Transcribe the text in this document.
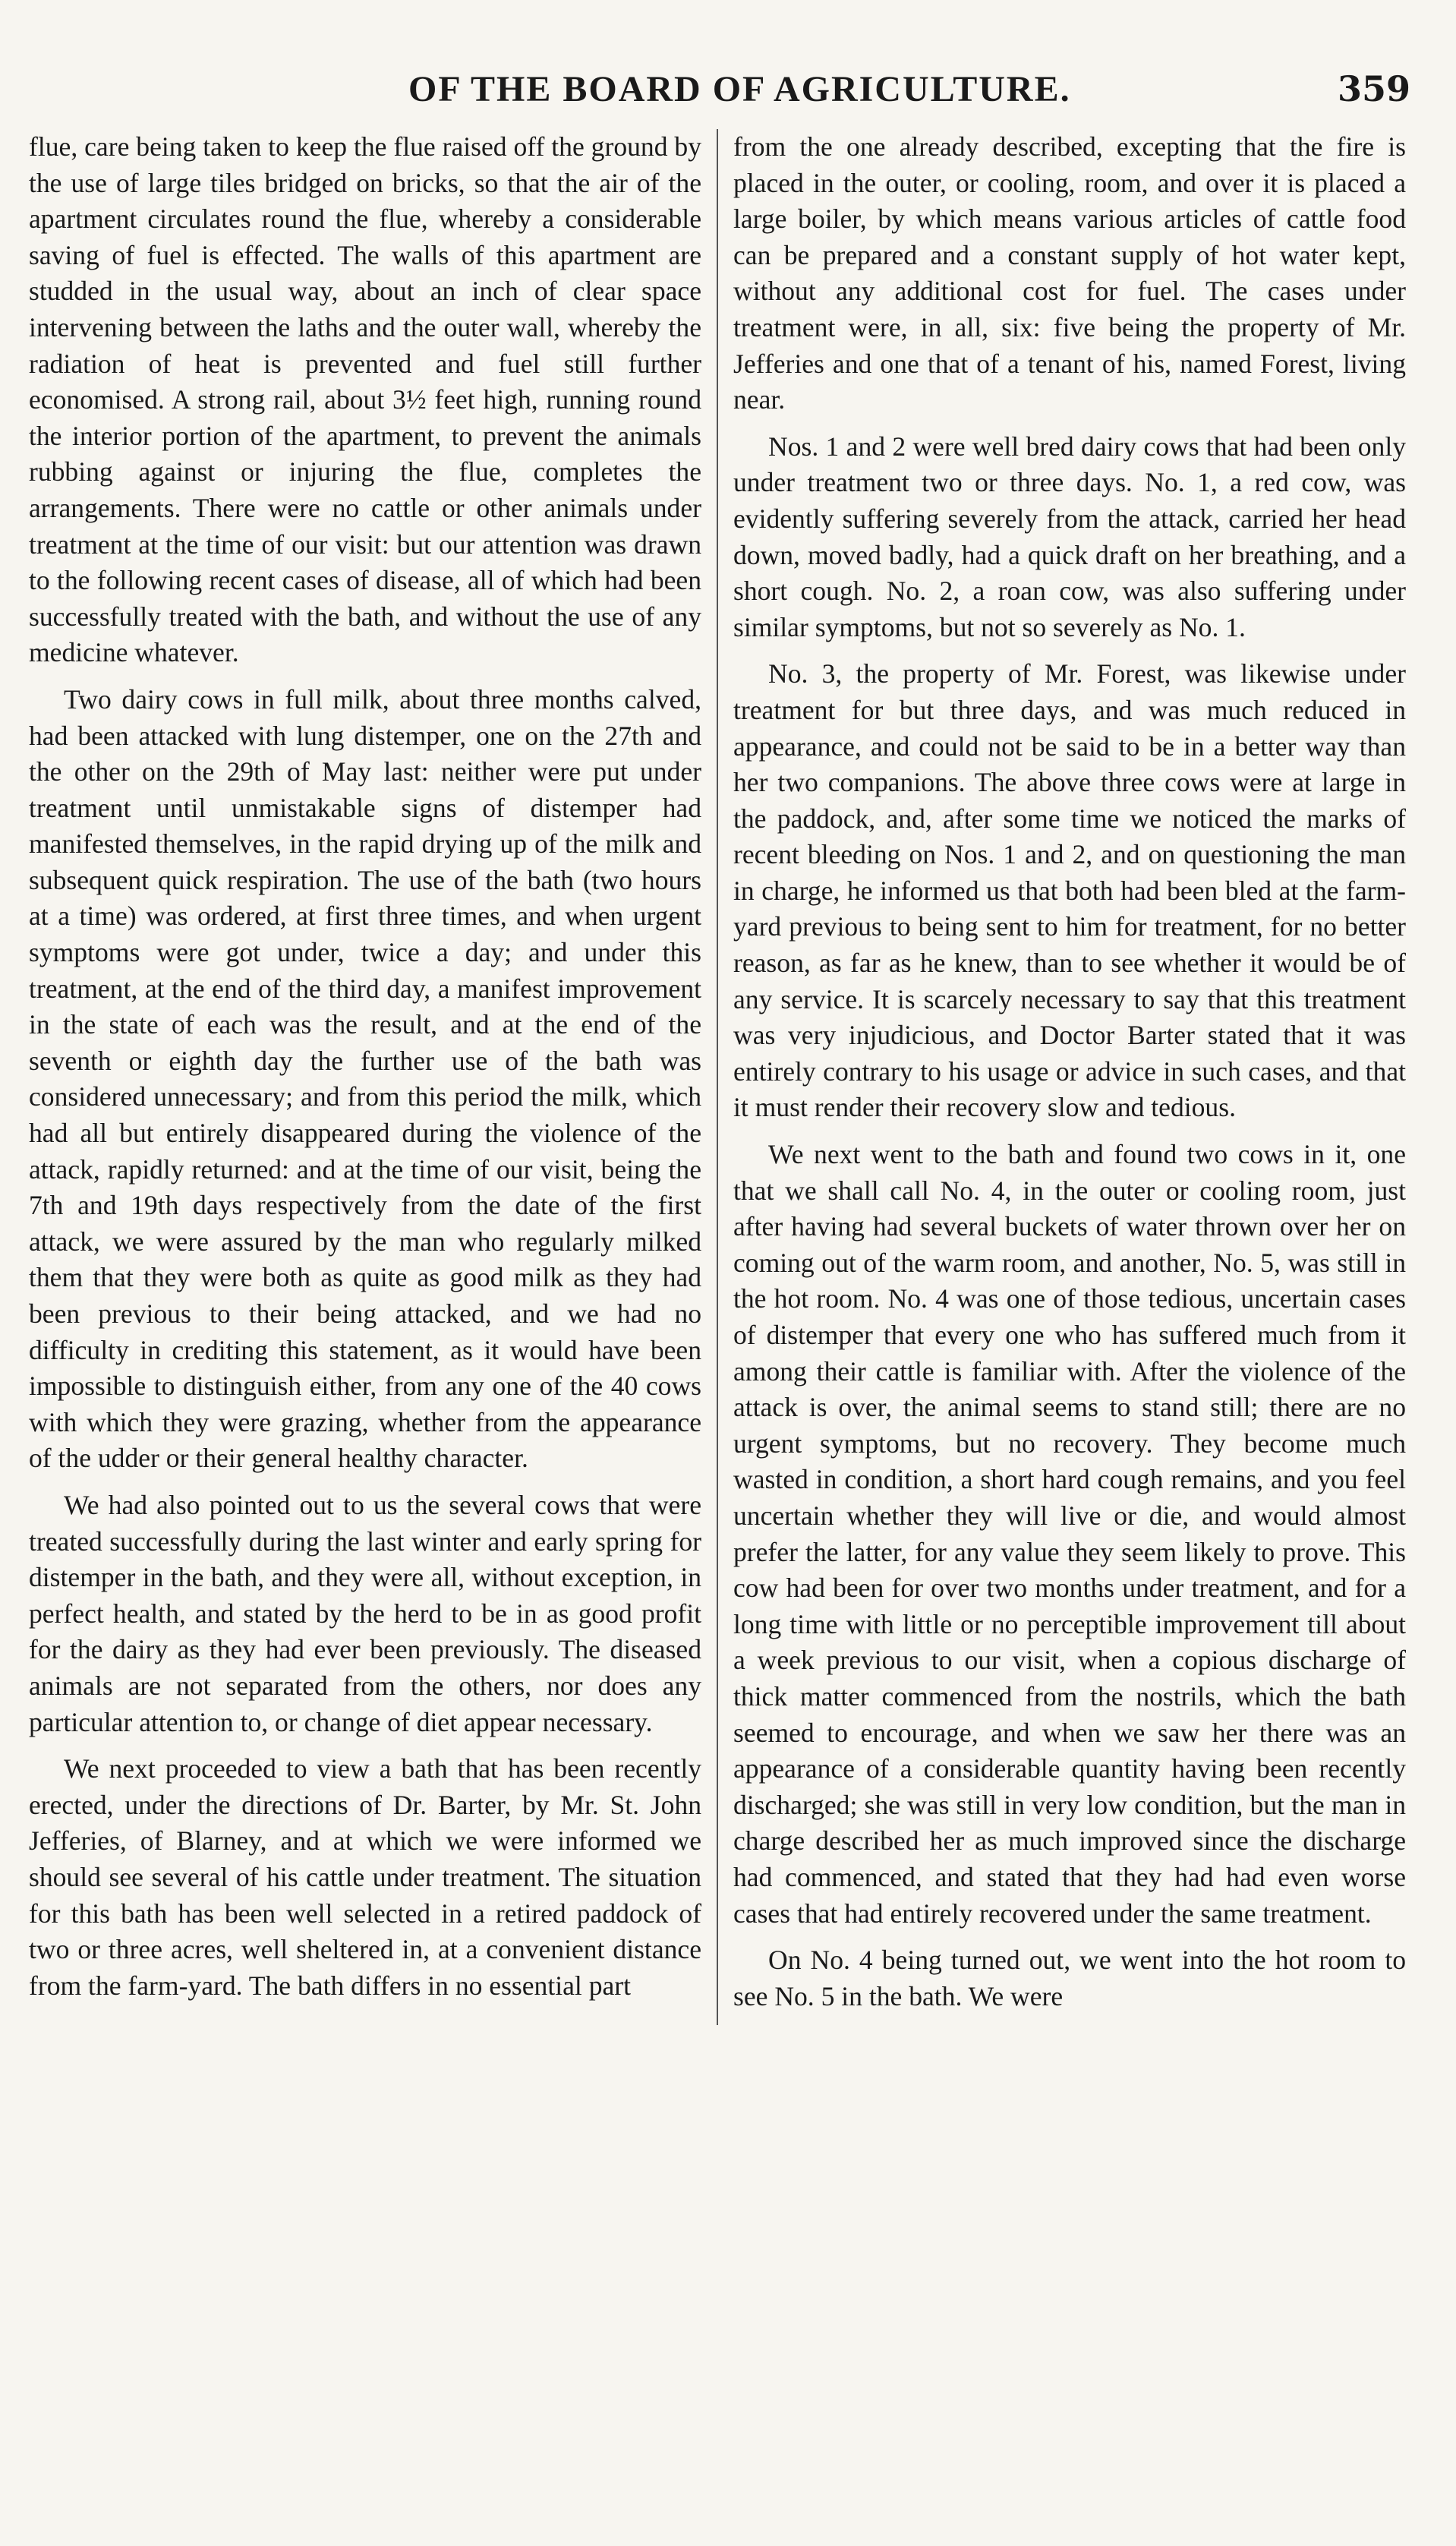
OF THE BOARD OF AGRICULTURE.	359

flue, care being taken to keep the flue raised off the ground by the use of large tiles bridged on bricks, so that the air of the apartment circulates round the flue, whereby a considerable saving of fuel is effected. The walls of this apartment are studded in the usual way, about an inch of clear space intervening between the laths and the outer wall, whereby the radiation of heat is prevented and fuel still further economised. A strong rail, about 3½ feet high, running round the interior portion of the apartment, to prevent the animals rubbing against or injuring the flue, completes the arrangements. There were no cattle or other animals under treatment at the time of our visit: but our attention was drawn to the following recent cases of disease, all of which had been successfully treated with the bath, and without the use of any medicine whatever.

Two dairy cows in full milk, about three months calved, had been attacked with lung distemper, one on the 27th and the other on the 29th of May last: neither were put under treatment until unmistakable signs of distemper had manifested themselves, in the rapid drying up of the milk and subsequent quick respiration. The use of the bath (two hours at a time) was ordered, at first three times, and when urgent symptoms were got under, twice a day; and under this treatment, at the end of the third day, a manifest improvement in the state of each was the result, and at the end of the seventh or eighth day the further use of the bath was considered unnecessary; and from this period the milk, which had all but entirely disappeared during the violence of the attack, rapidly returned: and at the time of our visit, being the 7th and 19th days respectively from the date of the first attack, we were assured by the man who regularly milked them that they were both as quite as good milk as they had been previous to their being attacked, and we had no difficulty in crediting this statement, as it would have been impossible to distinguish either, from any one of the 40 cows with which they were grazing, whether from the appearance of the udder or their general healthy character.

We had also pointed out to us the several cows that were treated successfully during the last winter and early spring for distemper in the bath, and they were all, without exception, in perfect health, and stated by the herd to be in as good profit for the dairy as they had ever been previously. The diseased animals are not separated from the others, nor does any particular attention to, or change of diet appear necessary.

We next proceeded to view a bath that has been recently erected, under the directions of Dr. Barter, by Mr. St. John Jefferies, of Blarney, and at which we were informed we should see several of his cattle under treatment. The situation for this bath has been well selected in a retired paddock of two or three acres, well sheltered in, at a convenient distance from the farm-yard. The bath differs in no essential part

from the one already described, excepting that the fire is placed in the outer, or cooling, room, and over it is placed a large boiler, by which means various articles of cattle food can be prepared and a constant supply of hot water kept, without any additional cost for fuel. The cases under treatment were, in all, six: five being the property of Mr. Jefferies and one that of a tenant of his, named Forest, living near.

Nos. 1 and 2 were well bred dairy cows that had been only under treatment two or three days. No. 1, a red cow, was evidently suffering severely from the attack, carried her head down, moved badly, had a quick draft on her breathing, and a short cough. No. 2, a roan cow, was also suffering under similar symptoms, but not so severely as No. 1.

No. 3, the property of Mr. Forest, was likewise under treatment for but three days, and was much reduced in appearance, and could not be said to be in a better way than her two companions. The above three cows were at large in the paddock, and, after some time we noticed the marks of recent bleeding on Nos. 1 and 2, and on questioning the man in charge, he informed us that both had been bled at the farm-yard previous to being sent to him for treatment, for no better reason, as far as he knew, than to see whether it would be of any service. It is scarcely necessary to say that this treatment was very injudicious, and Doctor Barter stated that it was entirely contrary to his usage or advice in such cases, and that it must render their recovery slow and tedious.

We next went to the bath and found two cows in it, one that we shall call No. 4, in the outer or cooling room, just after having had several buckets of water thrown over her on coming out of the warm room, and another, No. 5, was still in the hot room. No. 4 was one of those tedious, uncertain cases of distemper that every one who has suffered much from it among their cattle is familiar with. After the violence of the attack is over, the animal seems to stand still; there are no urgent symptoms, but no recovery. They become much wasted in condition, a short hard cough remains, and you feel uncertain whether they will live or die, and would almost prefer the latter, for any value they seem likely to prove. This cow had been for over two months under treatment, and for a long time with little or no perceptible improvement till about a week previous to our visit, when a copious discharge of thick matter commenced from the nostrils, which the bath seemed to encourage, and when we saw her there was an appearance of a considerable quantity having been recently discharged; she was still in very low condition, but the man in charge described her as much improved since the discharge had commenced, and stated that they had had even worse cases that had entirely recovered under the same treatment.

On No. 4 being turned out, we went into the hot room to see No. 5 in the bath. We were
